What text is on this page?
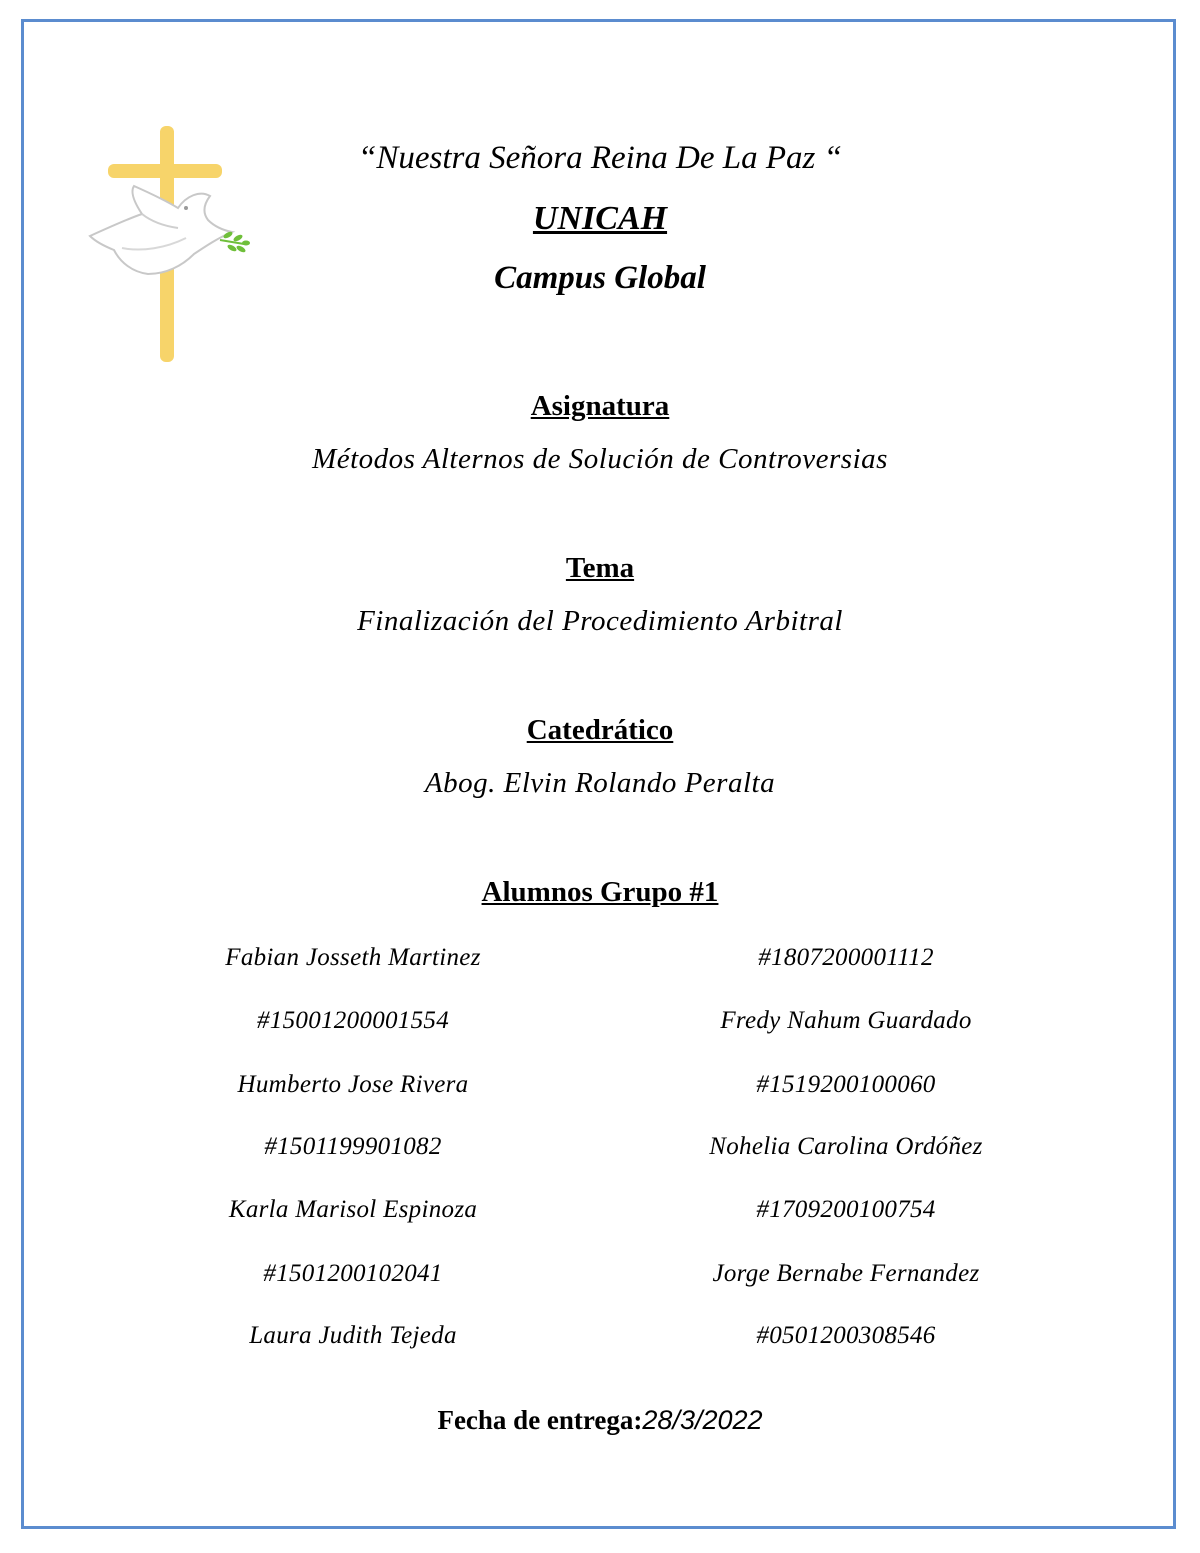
“Nuestra Señora Reina De La Paz “
UNICAH
Campus Global
Asignatura
Métodos Alternos de Solución de Controversias
Tema
Finalización del Procedimiento Arbitral
Catedrático
Abog. Elvin Rolando Peralta
Alumnos Grupo #1
Fabian Josseth Martinez	#1807200001112
#15001200001554	Fredy Nahum Guardado
Humberto Jose Rivera	#1519200100060
#1501199901082	Nohelia Carolina Ordóñez
Karla Marisol Espinoza	#1709200100754
#1501200102041	Jorge Bernabe Fernandez
Laura Judith Tejeda	#0501200308546
Fecha de entrega:28/3/2022
